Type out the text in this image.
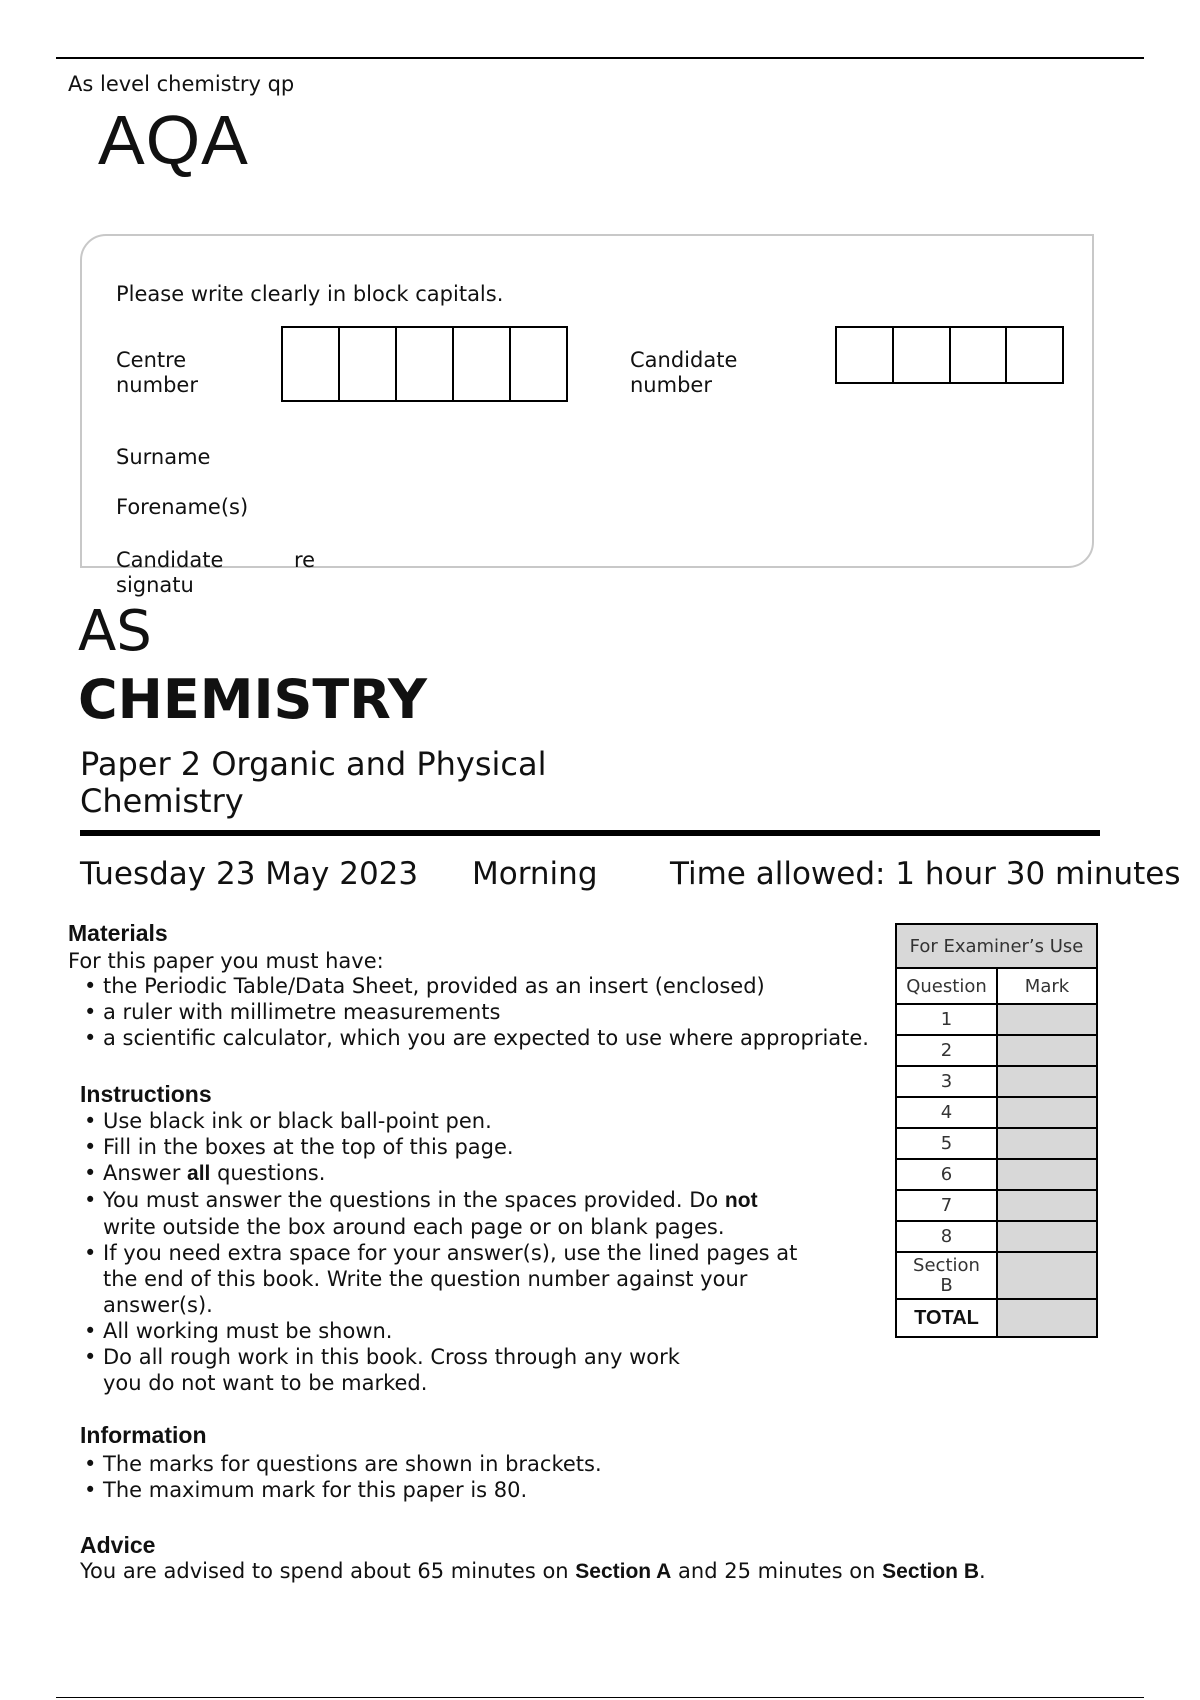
As level chemistry qp
AQA
Please write clearly in block capitals.
Centre
number
Candidate
number
Surname
Forename(s)
Candidate
signatu
re
AS
CHEMISTRY
Paper 2 Organic and Physical
Chemistry
Tuesday 23 May 2023 Morning Time allowed: 1 hour 30 minutes
Materials
For this paper you must have:
• the Periodic Table/Data Sheet, provided as an insert (enclosed)
• a ruler with millimetre measurements
• a scientific calculator, which you are expected to use where appropriate.
Instructions
• Use black ink or black ball-point pen.
• Fill in the boxes at the top of this page.
• Answer all questions.
• You must answer the questions in the spaces provided. Do not
write outside the box around each page or on blank pages.
• If you need extra space for your answer(s), use the lined pages at
the end of this book. Write the question number against your
answer(s).
• All working must be shown.
• Do all rough work in this book. Cross through any work
you do not want to be marked.
Information
• The marks for questions are shown in brackets.
• The maximum mark for this paper is 80.
Advice
You are advised to spend about 65 minutes on Section A and 25 minutes on Section B.
For Examiner’s Use	
Question	Mark
1	
2	
3	
4	
5	
6	
7	
8	

Section
B	

TOTAL	
